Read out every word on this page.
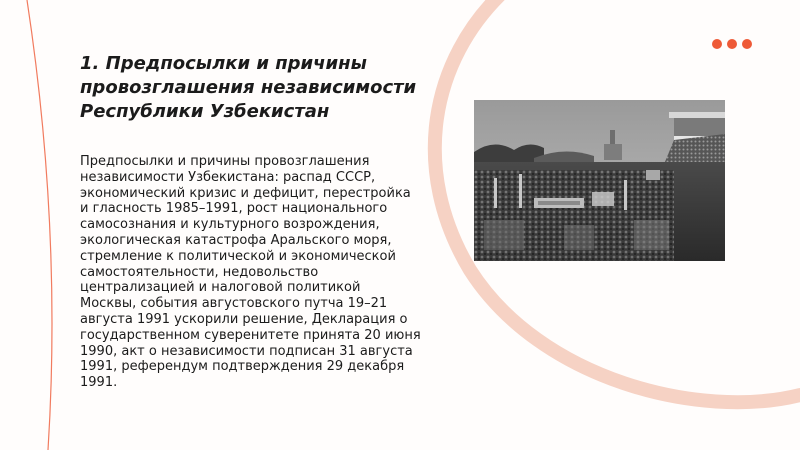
1. Предпосылки и причины
провозглашения независимости
Республики Узбекистан
Предпосылки и причины провозглашения
независимости Узбекистана: распад СССР,
экономический кризис и дефицит, перестройка
и гласность 1985–1991, рост национального
самосознания и культурного возрождения,
экологическая катастрофа Аральского моря,
стремление к политической и экономической
самостоятельности, недовольство
централизацией и налоговой политикой
Москвы, события августовского путча 19–21
августа 1991 ускорили решение, Декларация о
государственном суверенитете принята 20 июня
1990, акт о независимости подписан 31 августа
1991, референдум подтверждения 29 декабря
1991.
